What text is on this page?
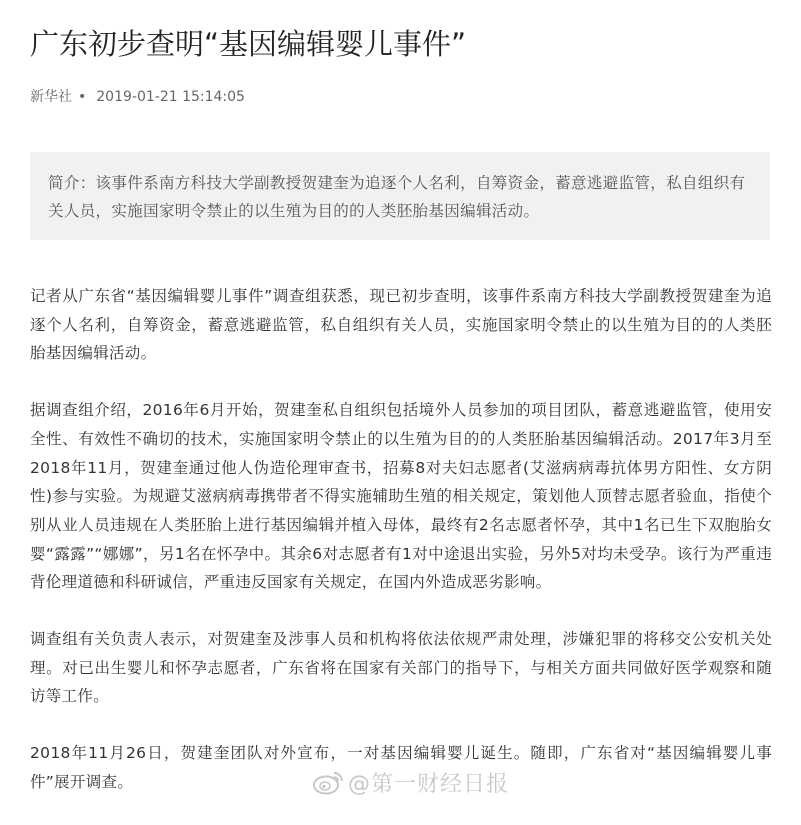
广东初步查明“基因编辑婴儿事件”
新华社 • 2019-01-21 15:14:05
简介：该事件系南方科技大学副教授贺建奎为追逐个人名利，自筹资金，蓄意逃避监管，私自组织有关人员，实施国家明令禁止的以生殖为目的的人类胚胎基因编辑活动。

记者从广东省“基因编辑婴儿事件”调查组获悉，现已初步查明，该事件系南方科技大学副教授贺建奎为追逐个人名利，自筹资金，蓄意逃避监管，私自组织有关人员，实施国家明令禁止的以生殖为目的的人类胚胎基因编辑活动。

据调查组介绍，2016年6月开始，贺建奎私自组织包括境外人员参加的项目团队，蓄意逃避监管，使用安全性、有效性不确切的技术，实施国家明令禁止的以生殖为目的的人类胚胎基因编辑活动。2017年3月至2018年11月，贺建奎通过他人伪造伦理审查书，招募8对夫妇志愿者(艾滋病病毒抗体男方阳性、女方阴性)参与实验。为规避艾滋病病毒携带者不得实施辅助生殖的相关规定，策划他人顶替志愿者验血，指使个别从业人员违规在人类胚胎上进行基因编辑并植入母体，最终有2名志愿者怀孕，其中1名已生下双胞胎女婴“露露”“娜娜”，另1名在怀孕中。其余6对志愿者有1对中途退出实验，另外5对均未受孕。该行为严重违背伦理道德和科研诚信，严重违反国家有关规定，在国内外造成恶劣影响。

调查组有关负责人表示，对贺建奎及涉事人员和机构将依法依规严肃处理，涉嫌犯罪的将移交公安机关处理。对已出生婴儿和怀孕志愿者，广东省将在国家有关部门的指导下，与相关方面共同做好医学观察和随访等工作。

2018年11月26日，贺建奎团队对外宣布，一对基因编辑婴儿诞生。随即，广东省对“基因编辑婴儿事件”展开调查。	@第一财经日报
